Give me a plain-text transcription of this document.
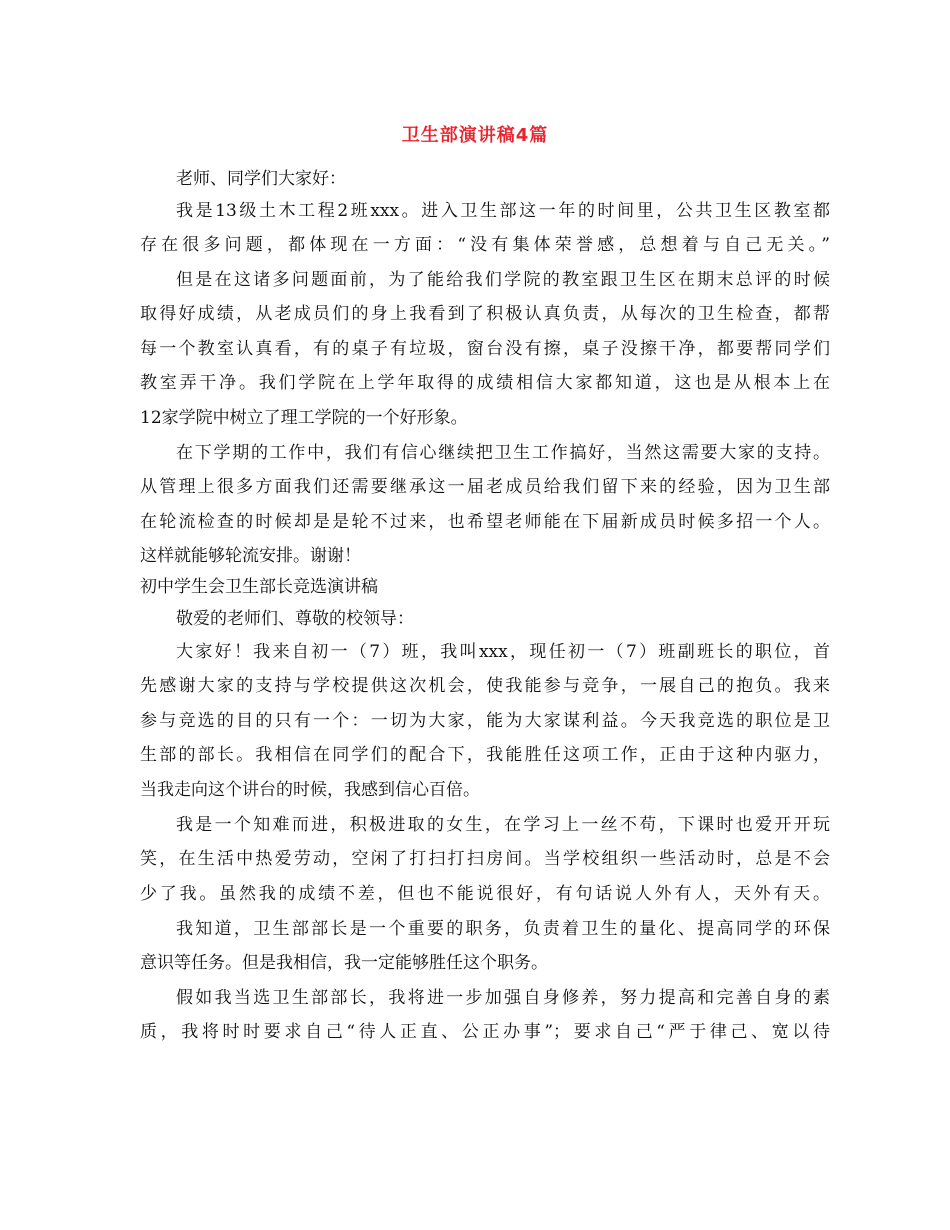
卫生部演讲稿4篇
老师、同学们大家好：
我是13级土木工程2班xxx。进入卫生部这一年的时间里，公共卫生区教室都
存在很多问题，都体现在一方面：“没有集体荣誉感，总想着与自己无关。”
但是在这诸多问题面前，为了能给我们学院的教室跟卫生区在期末总评的时候
取得好成绩，从老成员们的身上我看到了积极认真负责，从每次的卫生检查，都帮
每一个教室认真看，有的桌子有垃圾，窗台没有擦，桌子没擦干净，都要帮同学们
教室弄干净。我们学院在上学年取得的成绩相信大家都知道，这也是从根本上在
12家学院中树立了理工学院的一个好形象。
在下学期的工作中，我们有信心继续把卫生工作搞好，当然这需要大家的支持。
从管理上很多方面我们还需要继承这一届老成员给我们留下来的经验，因为卫生部
在轮流检查的时候却是是轮不过来，也希望老师能在下届新成员时候多招一个人。
这样就能够轮流安排。谢谢！
初中学生会卫生部长竞选演讲稿
敬爱的老师们、尊敬的校领导：
大家好！我来自初一（7）班，我叫xxx，现任初一（7）班副班长的职位，首
先感谢大家的支持与学校提供这次机会，使我能参与竞争，一展自己的抱负。我来
参与竞选的目的只有一个：一切为大家，能为大家谋利益。今天我竞选的职位是卫
生部的部长。我相信在同学们的配合下，我能胜任这项工作，正由于这种内驱力，
当我走向这个讲台的时候，我感到信心百倍。
我是一个知难而进，积极进取的女生，在学习上一丝不苟，下课时也爱开开玩
笑，在生活中热爱劳动，空闲了打扫打扫房间。当学校组织一些活动时，总是不会
少了我。虽然我的成绩不差，但也不能说很好，有句话说人外有人，天外有天。
我知道，卫生部部长是一个重要的职务，负责着卫生的量化、提高同学的环保
意识等任务。但是我相信，我一定能够胜任这个职务。
假如我当选卫生部部长，我将进一步加强自身修养，努力提高和完善自身的素
质，我将时时要求自己“待人正直、公正办事”；要求自己“严于律己、宽以待
